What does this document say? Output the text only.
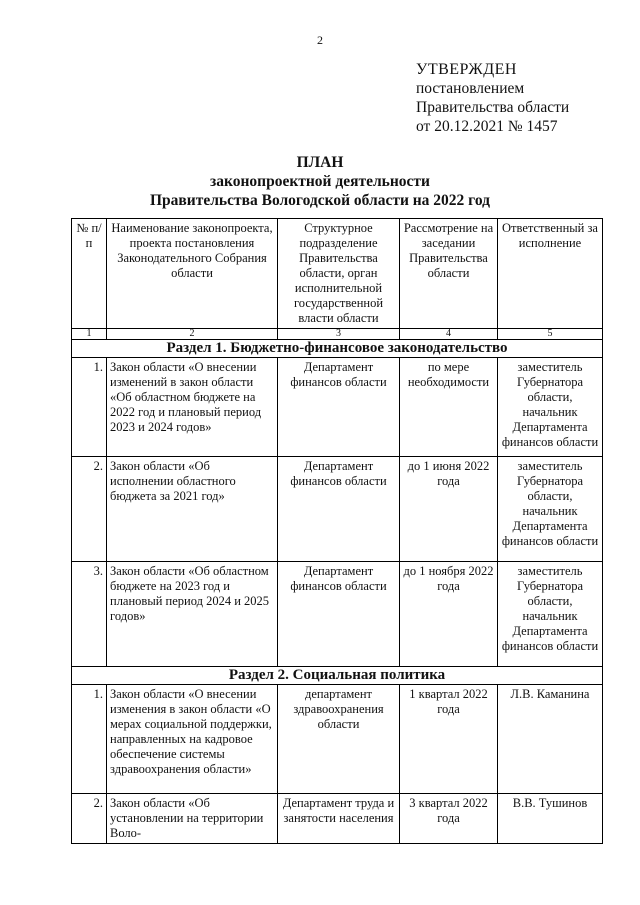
2
УТВЕРЖДЕН
постановлением
Правительства области
от 20.12.2021 № 1457
ПЛАН
законопроектной деятельности
Правительства Вологодской области на 2022 год
№ п/п	Наименование законопроекта, проекта постановления Законодательного Собрания области	Структурное подразделение Правительства области, орган исполнительной государственной власти области	Рассмотрение на заседании Правительства области	Ответственный за исполнение
1	2	3	4	5
Раздел 1. Бюджетно-финансовое законодательство				
1.	Закон области «О внесении изменений в закон области «Об областном бюджете на 2022 год и плановый период 2023 и 2024 годов»	Департамент финансов области	по мере необходимости	заместитель Губернатора области, начальник Департамента финансов области
2.	Закон области «Об исполнении областного бюджета за 2021 год»	Департамент финансов области	до 1 июня 2022 года	заместитель Губернатора области, начальник Департамента финансов области
3.	Закон области «Об областном бюджете на 2023 год и плановый период 2024 и 2025 годов»	Департамент финансов области	до 1 ноября 2022 года	заместитель Губернатора области, начальник Департамента финансов области
Раздел 2. Социальная политика				
1.	Закон области «О внесении изменения в закон области «О мерах социальной поддержки, направленных на кадровое обеспечение системы здравоохранения области»	департамент здравоохранения области	1 квартал 2022 года	Л.В. Каманина
2.	Закон области «Об установлении на территории Воло-	Департамент труда и занятости населения	3 квартал 2022 года	В.В. Тушинов
